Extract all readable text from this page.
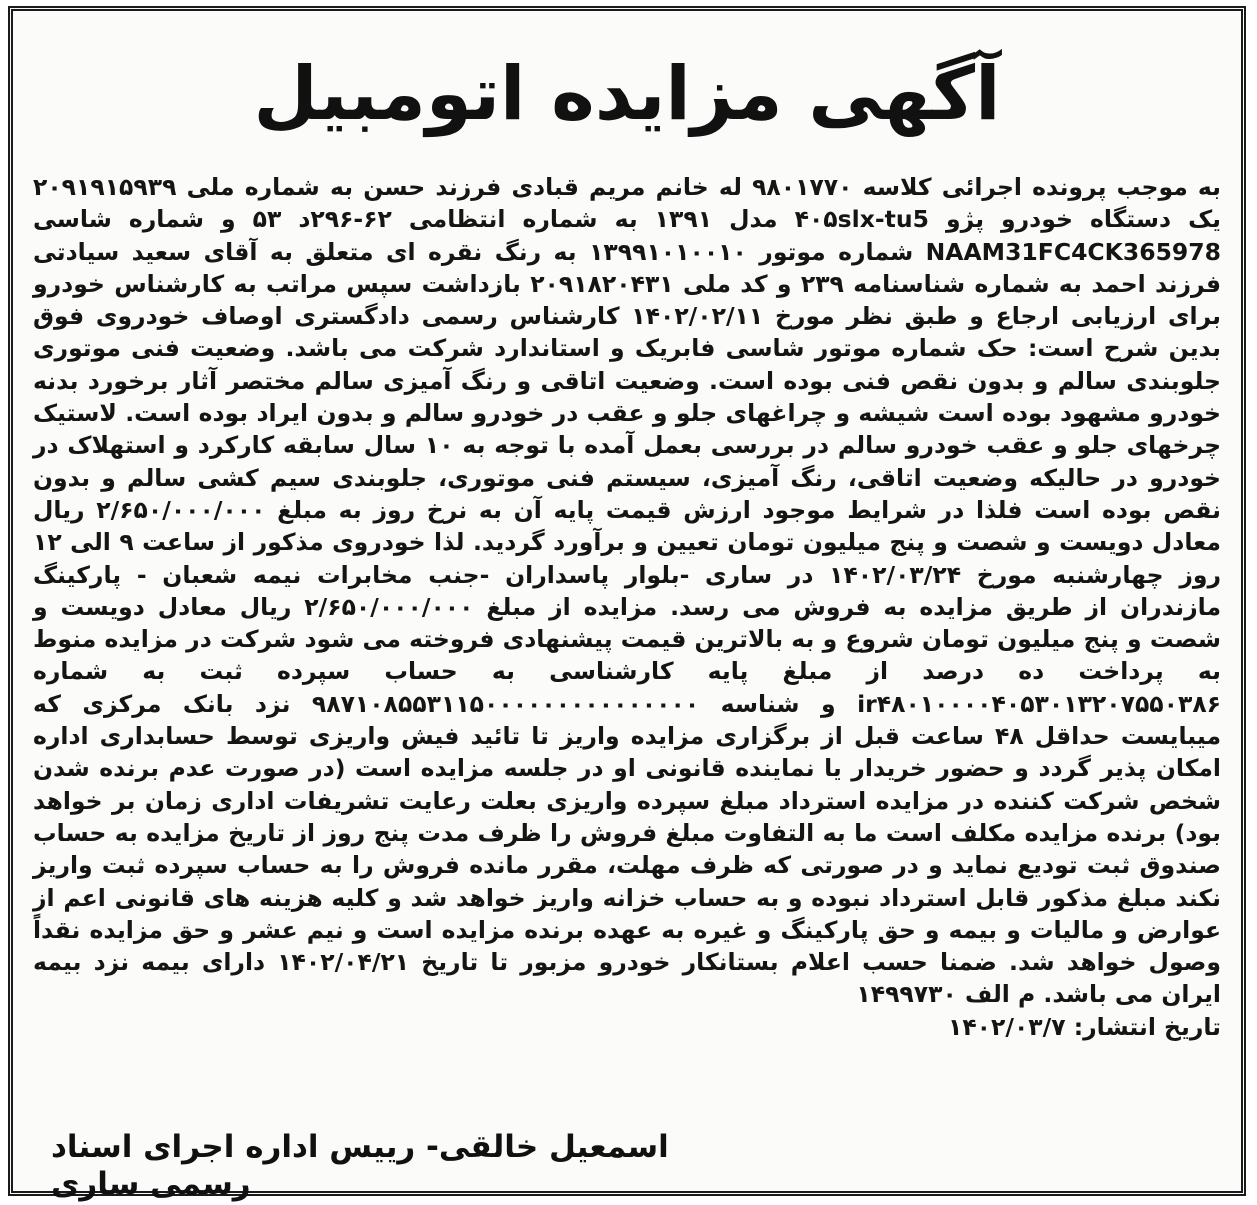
آگهی مزایده اتومبیل

به موجب پرونده اجرائی کلاسه ۹۸۰۱۷۷۰ له خانم مریم قبادی فرزند حسن به شماره ملی ۲۰۹۱۹۱۵۹۳۹ یک دستگاه خودرو پژو ۴۰۵slx-tu5 مدل ۱۳۹۱ به شماره انتظامی ۶۲-۲۹۶د ۵۳ و شماره شاسی NAAM31FC4CK365978 شماره موتور ۱۳۹۹۱۰۱۰۰۱۰ به رنگ نقره ای متعلق به آقای سعید سیادتی فرزند احمد به شماره شناسنامه ۲۳۹ و کد ملی ۲۰۹۱۸۲۰۴۳۱ بازداشت سپس مراتب به کارشناس خودرو برای ارزیابی ارجاع و طبق نظر مورخ ۱۴۰۲/۰۲/۱۱ کارشناس رسمی دادگستری اوصاف خودروی فوق بدین شرح است: حک شماره موتور شاسی فابریک و استاندارد شرکت می باشد. وضعیت فنی موتوری جلوبندی سالم و بدون نقص فنی بوده است. وضعیت اتاقی و رنگ آمیزی سالم مختصر آثار برخورد بدنه خودرو مشهود بوده است شیشه و چراغهای جلو و عقب در خودرو سالم و بدون ایراد بوده است. لاستیک چرخهای جلو و عقب خودرو سالم در بررسی بعمل آمده با توجه به ۱۰ سال سابقه کارکرد و استهلاک در خودرو در حالیکه وضعیت اتاقی، رنگ آمیزی، سیستم فنی موتوری، جلوبندی سیم کشی سالم و بدون نقص بوده است فلذا در شرایط موجود ارزش قیمت پایه آن به نرخ روز به مبلغ ۲/۶۵۰/۰۰۰/۰۰۰ ریال معادل دویست و شصت و پنج میلیون تومان تعیین و برآورد گردید. لذا خودروی مذکور از ساعت ۹ الی ۱۲ روز چهارشنبه مورخ ۱۴۰۲/۰۳/۲۴ در ساری -بلوار پاسداران -جنب مخابرات نیمه شعبان - پارکینگ مازندران از طریق مزایده به فروش می رسد. مزایده از مبلغ ۲/۶۵۰/۰۰۰/۰۰۰ ریال معادل دویست و شصت و پنج میلیون تومان شروع و به بالاترین قیمت پیشنهادی فروخته می شود شرکت در مزایده منوط به پرداخت ده درصد از مبلغ پایه کارشناسی به حساب سپرده ثبت به شماره ir۴۸۰۱۰۰۰۰۴۰۵۳۰۱۳۲۰۷۵۵۰۳۸۶ و شناسه ۹۸۷۱۰۸۵۵۳۱۱۵۰۰۰۰۰۰۰۰۰۰۰۰۰۰۰ نزد بانک مرکزی که میبایست حداقل ۴۸ ساعت قبل از برگزاری مزایده واریز تا تائید فیش واریزی توسط حسابداری اداره امکان پذیر گردد و حضور خریدار یا نماینده قانونی او در جلسه مزایده است (در صورت عدم برنده شدن شخص شرکت کننده در مزایده استرداد مبلغ سپرده واریزی بعلت رعایت تشریفات اداری زمان بر خواهد بود) برنده مزایده مکلف است ما به التفاوت مبلغ فروش را ظرف مدت پنج روز از تاریخ مزایده به حساب صندوق ثبت تودیع نماید و در صورتی که ظرف مهلت، مقرر مانده فروش را به حساب سپرده ثبت واریز نکند مبلغ مذکور قابل استرداد نبوده و به حساب خزانه واریز خواهد شد و کلیه هزینه های قانونی اعم از عوارض و مالیات و بیمه و حق پارکینگ و غیره به عهده برنده مزایده است و نیم عشر و حق مزایده نقداً وصول خواهد شد. ضمنا حسب اعلام بستانکار خودرو مزبور تا تاریخ ۱۴۰۲/۰۴/۲۱ دارای بیمه نزد بیمه ایران می باشد. م الف ۱۴۹۹۷۳۰

تاریخ انتشار: ۱۴۰۲/۰۳/۷

اسمعیل خالقی- رییس اداره اجرای اسناد رسمی ساری
